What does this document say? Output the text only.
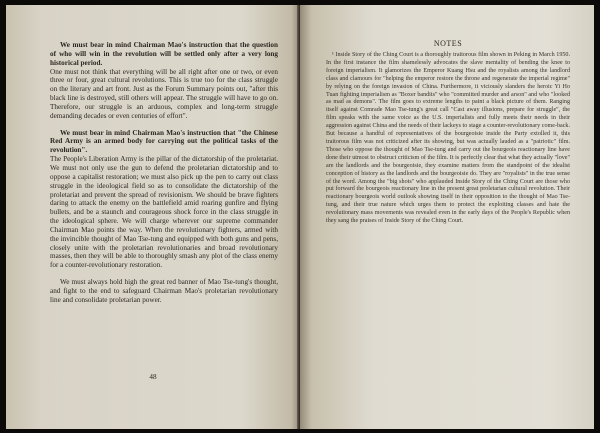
We must bear in mind Chairman Mao's instruction that the question of who will win in the revolution will be settled only after a very long historical period.

One must not think that everything will be all right after one or two, or even three or four, great cultural revolutions. This is true too for the class struggle on the literary and art front. Just as the Forum Summary points out, "after this black line is destroyed, still others will appear. The struggle will have to go on. Therefore, our struggle is an arduous, complex and long-term struggle demanding decades or even centuries of effort".

We must bear in mind Chairman Mao's instruction that "the Chinese Red Army is an armed body for carrying out the political tasks of the revolution".

The People's Liberation Army is the pillar of the dictatorship of the proletariat. We must not only use the gun to defend the proletarian dictatorship and to oppose a capitalist restoration; we must also pick up the pen to carry out class struggle in the ideological field so as to consolidate the dictatorship of the proletariat and prevent the spread of revisionism. We should be brave fighters daring to attack the enemy on the battlefield amid roaring gunfire and flying bullets, and be a staunch and courageous shock force in the class struggle in the ideological sphere. We will charge wherever our supreme commander Chairman Mao points the way. When the revolutionary fighters, armed with the invincible thought of Mao Tse-tung and equipped with both guns and pens, closely unite with the proletarian revolutionaries and broad revolutionary masses, then they will be able to thoroughly smash any plot of the class enemy for a counter-revolutionary restoration.

We must always hold high the great red banner of Mao Tse-tung's thought, and fight to the end to safeguard Chairman Mao's proletarian revolutionary line and consolidate proletarian power.

48
NOTES

¹ Inside Story of the Ching Court is a thoroughly traitorous film shown in Peking in March 1950. In the first instance the film shamelessly advocates the slave mentality of bending the knee to foreign imperialism. It glamorizes the Emperor Kuang Hsu and the royalists among the landlord class and clamours for "helping the emperor restore the throne and regenerate the imperial regime" by relying on the foreign invasion of China. Furthermore, it viciously slanders the heroic Yi Ho Tuan fighting imperialism as "Boxer bandits" who "committed murder and arson" and who "looked as mad as demons". The film goes to extreme lengths to paint a black picture of them. Ranging itself against Comrade Mao Tse-tung's great call "Cast away illusions, prepare for struggle", the film speaks with the same voice as the U.S. imperialists and fully meets their needs in their aggression against China and the needs of their lackeys to stage a counter-revolutionary come-back. But because a handful of representatives of the bourgeoisie inside the Party extolled it, this traitorous film was not criticized after its showing, but was actually lauded as a "patriotic" film. Those who oppose the thought of Mao Tse-tung and carry out the bourgeois reactionary line have done their utmost to obstruct criticism of the film. It is perfectly clear that what they actually "love" are the landlords and the bourgeoisie, they examine matters from the standpoint of the idealist conception of history as the landlords and the bourgeoisie do. They are "royalists" in the true sense of the word. Among the "big shots" who applauded Inside Story of the Ching Court are those who put forward the bourgeois reactionary line in the present great proletarian cultural revolution. Their reactionary bourgeois world outlook showing itself in their opposition to the thought of Mao Tse-tung, and their true nature which urges them to protect the exploiting classes and hate the revolutionary mass movements was revealed even in the early days of the People's Republic when they sang the praises of Inside Story of the Ching Court.
